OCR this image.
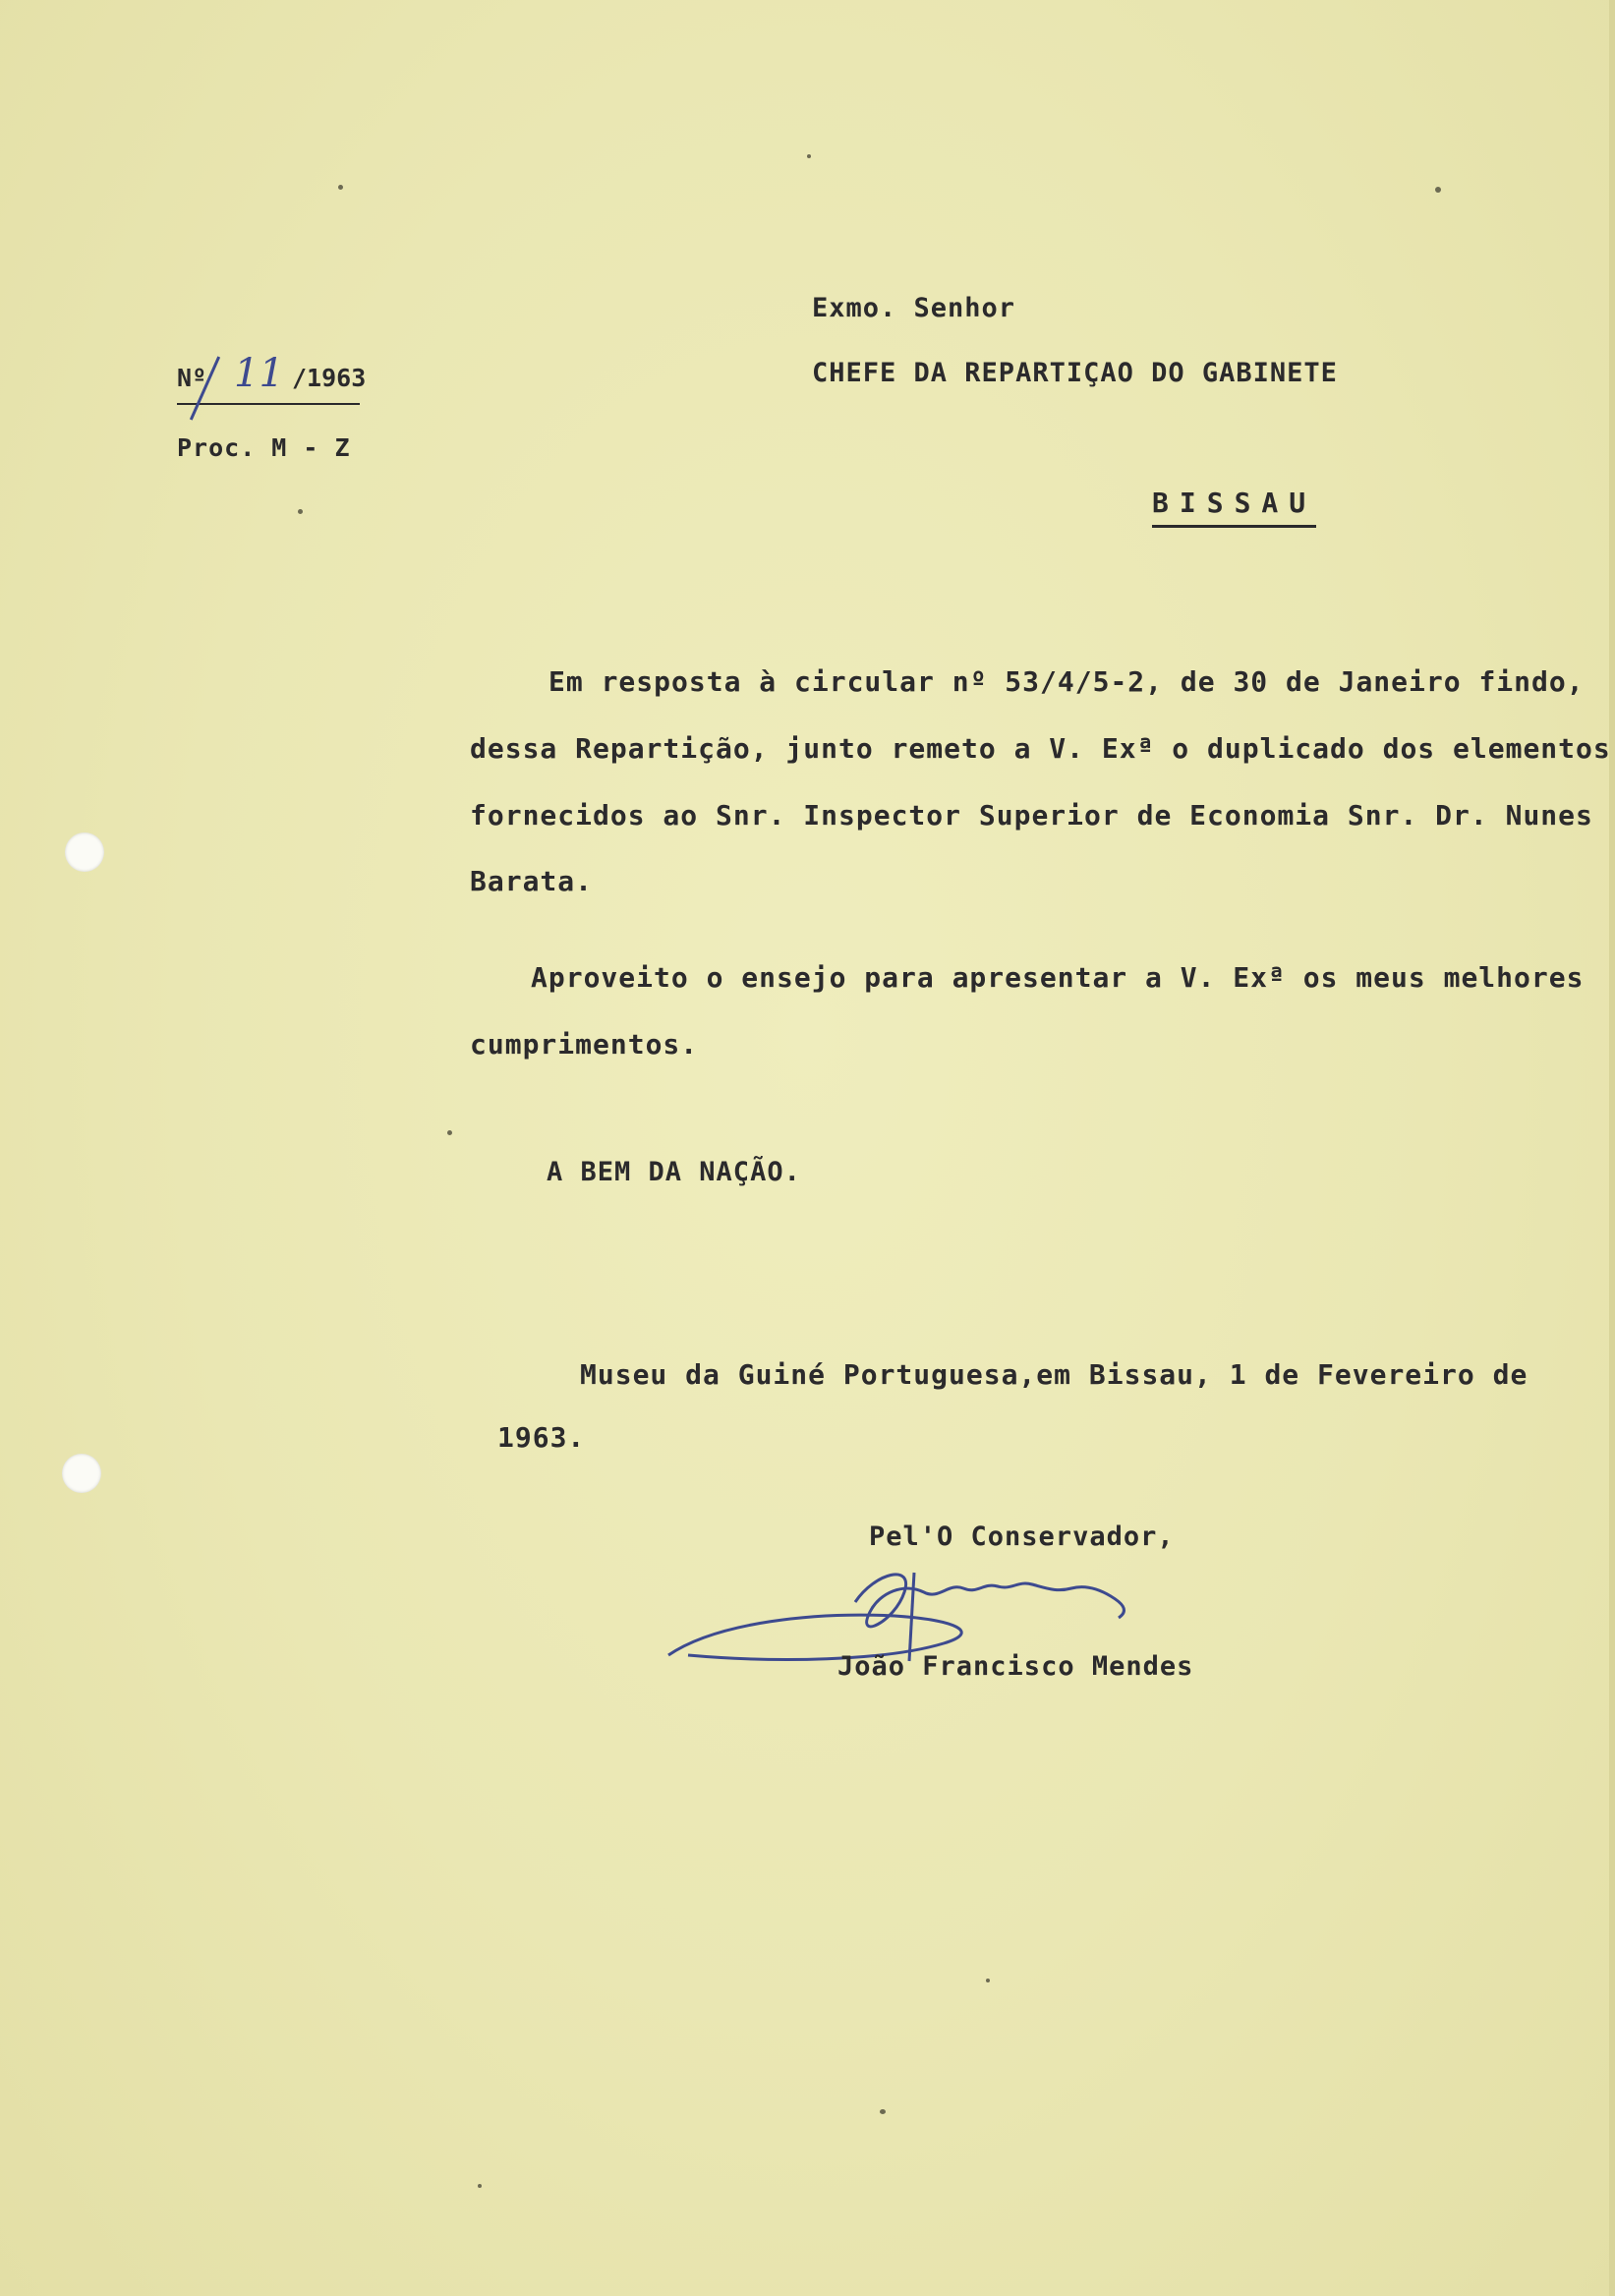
Exmo. Senhor
CHEFE DA REPARTIÇAO DO GABINETE
Nº 11 /1963
Proc. M - Z
BISSAU
Em resposta à circular nº 53/4/5-2, de 30 de Janeiro findo,
dessa Repartição, junto remeto a V. Exª o duplicado dos elementos
fornecidos ao Snr. Inspector Superior de Economia Snr. Dr. Nunes
Barata.
Aproveito o ensejo para apresentar a V. Exª os meus melhores
cumprimentos.
A BEM DA NAÇÃO.
Museu da Guiné Portuguesa,em Bissau, 1 de Fevereiro de
1963.
Pel'O Conservador,
João Francisco Mendes
